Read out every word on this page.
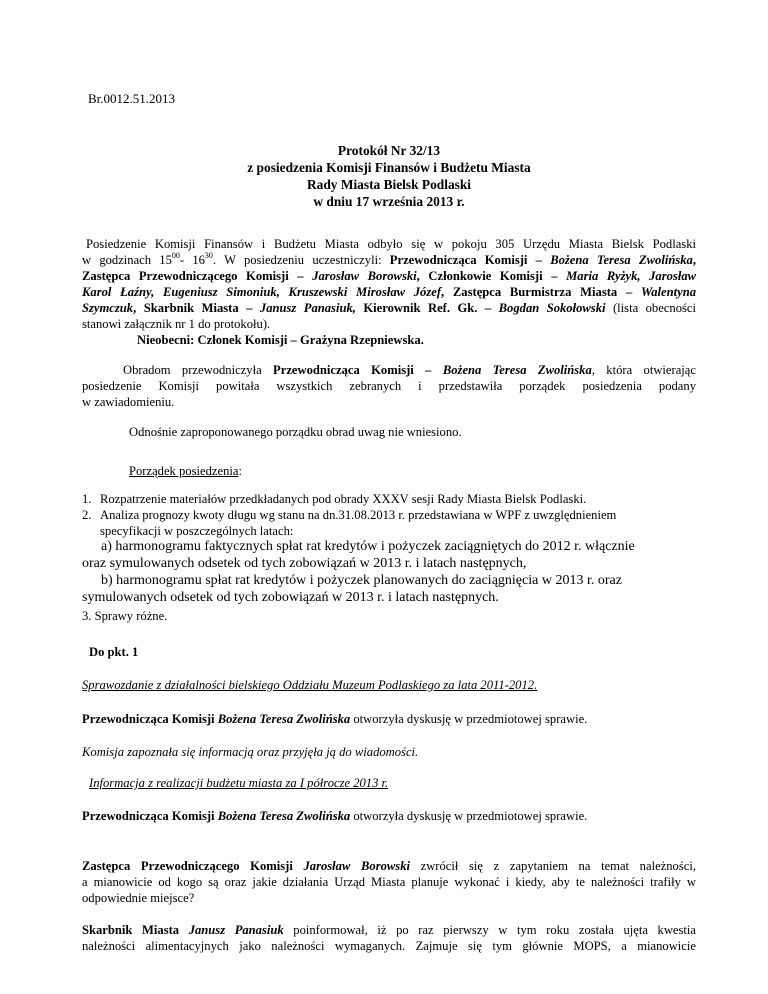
Br.0012.51.2013
Protokół Nr 32/13
z posiedzenia Komisji Finansów i Budżetu Miasta
Rady Miasta Bielsk Podlaski
w dniu 17 września 2013 r.
Posiedzenie Komisji Finansów i Budżetu Miasta odbyło się w pokoju 305 Urzędu Miasta Bielsk Podlaski
w godzinach $15^{00}-$ $16^{30}$. W posiedzeniu uczestniczyli: Przewodnicząca Komisji – Bożena Teresa Zwolińska,
Zastępca Przewodniczącego Komisji – Jarosław Borowski, Członkowie Komisji – Maria Ryżyk, Jarosław
Karol Łaźny, Eugeniusz Simoniuk, Kruszewski Mirosław Józef, Zastępca Burmistrza Miasta – Walentyna
Szymczuk, Skarbnik Miasta – Janusz Panasiuk, Kierownik Ref. Gk. – Bogdan Sokołowski (lista obecności
stanowi załącznik nr 1 do protokołu).
Nieobecni: Członek Komisji – Grażyna Rzepniewska.
Obradom przewodniczyła Przewodnicząca Komisji – Bożena Teresa Zwolińska, która otwierając
posiedzenie Komisji powitała wszystkich zebranych i przedstawiła porządek posiedzenia podany
w zawiadomieniu.
Odnośnie zaproponowanego porządku obrad uwag nie wniesiono.
Porządek posiedzenia:
1. Rozpatrzenie materiałów przedkładanych pod obrady XXXV sesji Rady Miasta Bielsk Podlaski.
2. Analiza prognozy kwoty długu wg stanu na dn.31.08.2013 r. przedstawiana w WPF z uwzględnieniem
specyfikacji w poszczególnych latach:
a) harmonogramu faktycznych spłat rat kredytów i pożyczek zaciągniętych do 2012 r. włącznie
oraz symulowanych odsetek od tych zobowiązań w 2013 r. i latach następnych,
b) harmonogramu spłat rat kredytów i pożyczek planowanych do zaciągnięcia w 2013 r. oraz
symulowanych odsetek od tych zobowiązań w 2013 r. i latach następnych.
3. Sprawy różne.
Do pkt. 1
Sprawozdanie z działalności bielskiego Oddziału Muzeum Podlaskiego za lata 2011-2012.
Przewodnicząca Komisji Bożena Teresa Zwolińska otworzyła dyskusję w przedmiotowej sprawie.
Komisja zapoznała się informacją oraz przyjęła ją do wiadomości.
Informacja z realizacji budżetu miasta za I półrocze 2013 r.
Przewodnicząca Komisji Bożena Teresa Zwolińska otworzyła dyskusję w przedmiotowej sprawie.
Zastępca Przewodniczącego Komisji Jarosław Borowski zwrócił się z zapytaniem na temat należności,
a mianowicie od kogo są oraz jakie działania Urząd Miasta planuje wykonać i kiedy, aby te należności trafiły w
odpowiednie miejsce?
Skarbnik Miasta Janusz Panasiuk poinformował, iż po raz pierwszy w tym roku została ujęta kwestia
należności alimentacyjnych jako należności wymaganych. Zajmuje się tym głównie MOPS, a mianowicie
